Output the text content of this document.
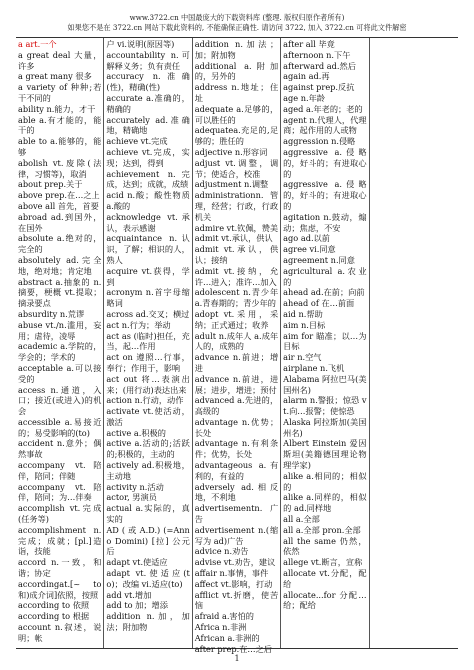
www.3722.cn 中国最庞大的下载资料库 (整理. 版权归原作者所有)
如果您不是在 3722.cn 网站下载此资料的, 不能确保正确性. 请访问 3722, 加入 3722.cn 可将此文件解密

a art.一个

a great deal 大量，许多

a great many 很多

a variety of 种种;若干不同的

ability n.能力，才干

able a.有才能的，能干的

able to a.能够的，能够

abolish vt.废除(法律，习惯等)，取消

about prep.关于

above prep.在…之上

above all 首先，首要

abroad ad.到国外，在国外

absolute a.绝对的，完全的

absolutely ad.完全地，绝对地；肯定地

abstract a.抽象的 n.摘要，梗概 vt.提取；摘录要点

absurdity n.荒谬

abuse vt./n.滥用，妄用；虐待，凌辱

academic a.学院的，学会的；学术的

acceptable a.可以接受的

access n.通道，入口；接近(或进入)的机会

accessible a.易接近的；易受影响的(to)

accident n.意外；偶然事故

accompany vt.陪伴，陪同；伴随

accompany vt.陪伴，陪同；为…伴奏

accomplish vt.完成(任务等)

accomplishment n.完成；成就；[pl.]造诣，技能

accord n.一致，和谐；协定

accordingat.[~ to 和)成介词]依照，按照

according to 依照

according to 根据

account n.叙述，说明；帐

户 vi.说明(原因等)

accountability n.可解释义务；负有责任

accuracy n.准确(性)，精确(性)

accurate a.准确的，精确的

accurately ad.准确地，精确地

achieve vt.完成

achieve vt.完成，实现；达到，得到

achievement n.完成，达到；成就，成绩

acid n.酸；酸性物质 a.酸的

acknowledge vt.承认，表示感谢

acquaintance n.认识，了解；相识的人，熟人

acquire vt.获得，学到

acronym n.首字母缩略词

across ad.交叉；横过

act n.行为；举动

act as (临时)担任，充当，起…作用

act on 遵照…行事，奉行；作用于，影响

act out 将…表演出来；(用行动)表达出来

action n.行动，动作

activate vt.使活动，激活

active a.积极的

active a.活动的;活跃的;积极的，主动的

actively ad.积极地，主动地

activity n.活动

actor, 男演员

actual a.实际的，真实的

AD ( 或 A.D.) (=Anno Domini) [拉] 公元后

adapt vt.使适应

adapt vt.使适应(to)；改编 vi.适应(to)

add vt.增加

add to 加；增添

addition n.加，加法；附加物

addition n.加法；加；附加物

additional a.附加的，另外的

address n.地址；住址

adequate a.足够的，可以胜任的

adequatea.充足的,足够的；胜任的

adjective n.形容词

adjust vt.调整，调节；使适合，校准

adjustment n.调整

administrationn.管理，经营；行政，行政机关

admire vt.钦佩，赞美

admit vt.承认，供认

admit vt.承认，供认；接纳

admit vt.接纳，允许…进入；准许…加入

adolescent n.青少年 a.青春期的；青少年的

adopt vt.采用，采纳；正式通过；收养

adult n.成年人 a.成年人的，成熟的

advance n.前进；增进

advance n.前进，进展；进步，增进；预付

advanced a.先进的，高级的

advantage n.优势；长处

advantage n.有利条件；优势，长处

advantageous a.有利的，有益的

adversely ad.相反地，不利地

advertisementn.广告

advertisement n.(缩写为 ad)广告

advice n.劝告

advise vt.劝告，建议

affair n.事情，事件

affect vt.影响，打动

afflict vt.折磨，使苦恼

afraid a.害怕的

Africa n.非洲

African a.非洲的

after prep.在…之后

after all 毕竟

afternoon n.下午

afterward ad.然后

again ad.再

against prep.反抗

age n.年龄

aged a.年老的；老的

agent n.代理人，代理商；起作用的人或物

aggression n.侵略

aggressive a.侵略的，好斗的；有进取心的

aggressive a.侵略的，好斗的；有进取心的

agitation n.鼓动，煽动；焦虑，不安

ago ad.以前

agree vi.同意

agreement n.同意

agricultural a.农业的

ahead ad.在前；向前

ahead of 在…前面

aid n.帮助

aim n.目标

aim for 瞄准；以…为目标

air n.空气

airplane n.飞机

Alabama 阿拉巴马(美国州名)

alarm n.警报；惊恐 vt.向…报警；使惊恐

Alaska 阿拉斯加(美国州名)

Albert Einstein 爱因斯坦(美籍德国理论物理学家)

alike a.相同的；相似的

alike a.同样的，相似的 ad.同样地

all a.全部

all a.全部 pron.全部

all the same 仍然，依然

allege vt.断言，宣称

allocate vt.分配，配给

allocate...for 分配…给；配给

1
